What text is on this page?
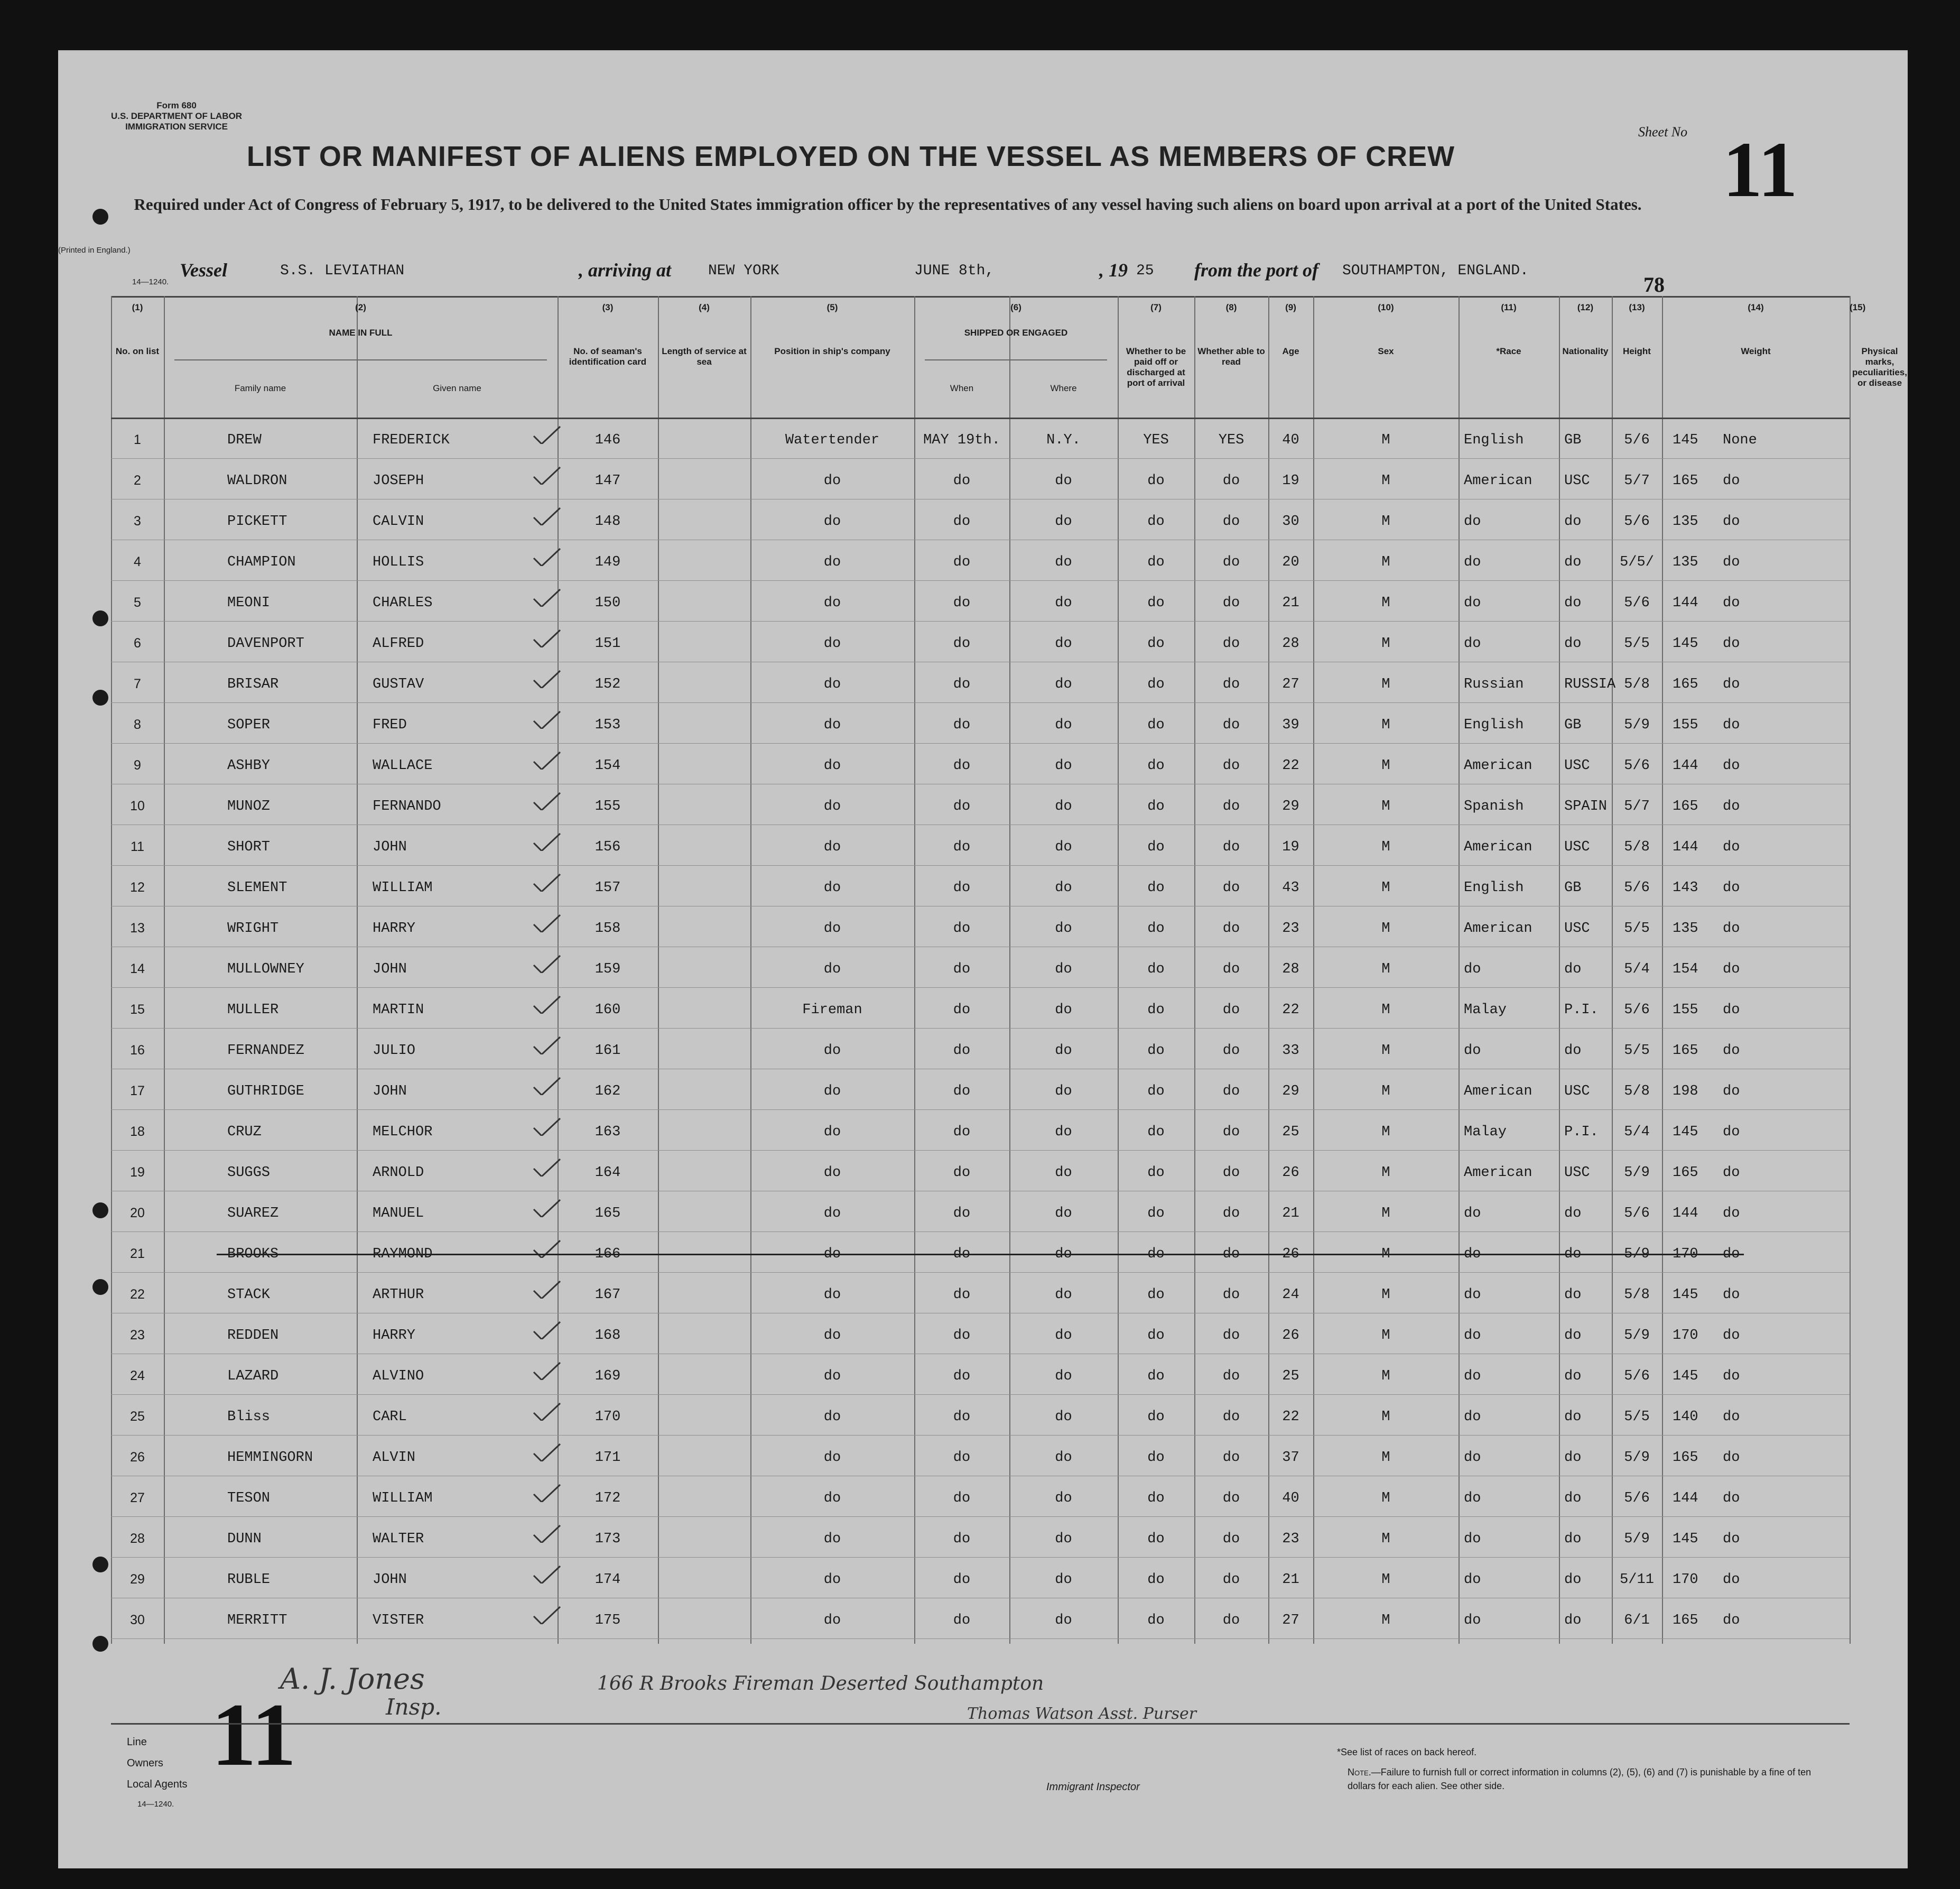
Form 680
U.S. DEPARTMENT OF LABOR
IMMIGRATION SERVICE	Sheet No 11
LIST OR MANIFEST OF ALIENS EMPLOYED ON THE VESSEL AS MEMBERS OF CREW
Required under Act of Congress of February 5, 1917, to be delivered to the United States immigration officer by the representatives of any vessel having such aliens on board upon arrival at a port of the United States.
(Printed in England.)
14—1240.
Vessel	S.S. LEVIATHAN	, arriving at NEW YORK	JUNE 8th,	, 19 25 from the port of SOUTHAMPTON, ENGLAND.
78
A. J. Jones
Insp.
166 R Brooks Fireman Deserted Southampton
Thomas Watson Asst. Purser
11
Line
Owners
Local Agents
14—1240.
Immigrant Inspector
*See list of races on back hereof.
Note.—Failure to furnish full or correct information in columns (2), (5), (6) and (7) is punishable by a fine of ten dollars for each alien. See other side.
(1)
No. on list
(2)
NAME IN FULL
Family name	Given name
(3)
No. of seaman's identification card
(4)
Length of service at sea
(5)
Position in ship's company
(6)
SHIPPED OR ENGAGED
When	Where
(7)
Whether to be paid off or discharged at port of arrival
(8)
Whether able to read
(9)
Age
(10)
Sex
(11)
*Race
(12)
Nationality
(13)
Height
(14)
Weight
(15)
Physical marks, peculiarities, or disease
1	DREW	FREDERICK	146	Watertender	MAY 19th.	N.Y.	YES	YES	40	M	English	GB	5/6	145	None
2	WALDRON	JOSEPH	147	do	do	do	do	do	19	M	American	USC	5/7	165	do
3	PICKETT	CALVIN	148	do	do	do	do	do	30	M	do	do	5/6	135	do
4	CHAMPION	HOLLIS	149	do	do	do	do	do	20	M	do	do	5/5/	135	do
5	MEONI	CHARLES	150	do	do	do	do	do	21	M	do	do	5/6	144	do
6	DAVENPORT	ALFRED	151	do	do	do	do	do	28	M	do	do	5/5	145	do
7	BRISAR	GUSTAV	152	do	do	do	do	do	27	M	Russian	RUSSIA 5/8	165	do
8	SOPER	FRED	153	do	do	do	do	do	39	M	English	GB	5/9	155	do
9	ASHBY	WALLACE	154	do	do	do	do	do	22	M	American	USC	5/6	144	do
10	MUNOZ	FERNANDO	155	do	do	do	do	do	29	M	Spanish	SPAIN	5/7	165	do
11	SHORT	JOHN	156	do	do	do	do	do	19	M	American	USC	5/8	144	do
12	SLEMENT	WILLIAM	157	do	do	do	do	do	43	M	English	GB	5/6	143	do
13	WRIGHT	HARRY	158	do	do	do	do	do	23	M	American	USC	5/5	135	do
14	MULLOWNEY	JOHN	159	do	do	do	do	do	28	M	do	do	5/4	154	do
15	MULLER	MARTIN	160	Fireman	do	do	do	do	22	M	Malay	P.I.	5/6	155	do
16	FERNANDEZ	JULIO	161	do	do	do	do	do	33	M	do	do	5/5	165	do
17	GUTHRIDGE	JOHN	162	do	do	do	do	do	29	M	American	USC	5/8	198	do
18	CRUZ	MELCHOR	163	do	do	do	do	do	25	M	Malay	P.I.	5/4	145	do
19	SUGGS	ARNOLD	164	do	do	do	do	do	26	M	American	USC	5/9	165	do
20	SUAREZ	MANUEL	165	do	do	do	do	do	21	M	do	do	5/6	144	do
21	BROOKS	RAYMOND	166	do	do	do	do	do	26	M	do	do	5/9	170	do
22	STACK	ARTHUR	167	do	do	do	do	do	24	M	do	do	5/8	145	do
23	REDDEN	HARRY	168	do	do	do	do	do	26	M	do	do	5/9	170	do
24	LAZARD	ALVINO	169	do	do	do	do	do	25	M	do	do	5/6	145	do
25	Bliss	CARL	170	do	do	do	do	do	22	M	do	do	5/5	140	do
26	HEMMINGORN	ALVIN	171	do	do	do	do	do	37	M	do	do	5/9	165	do
27	TESON	WILLIAM	172	do	do	do	do	do	40	M	do	do	5/6	144	do
28	DUNN	WALTER	173	do	do	do	do	do	23	M	do	do	5/9	145	do
29	RUBLE	JOHN	174	do	do	do	do	do	21	M	do	do	5/11	170	do
30	MERRITT	VISTER	175	do	do	do	do	do	27	M	do	do	6/1	165	do
